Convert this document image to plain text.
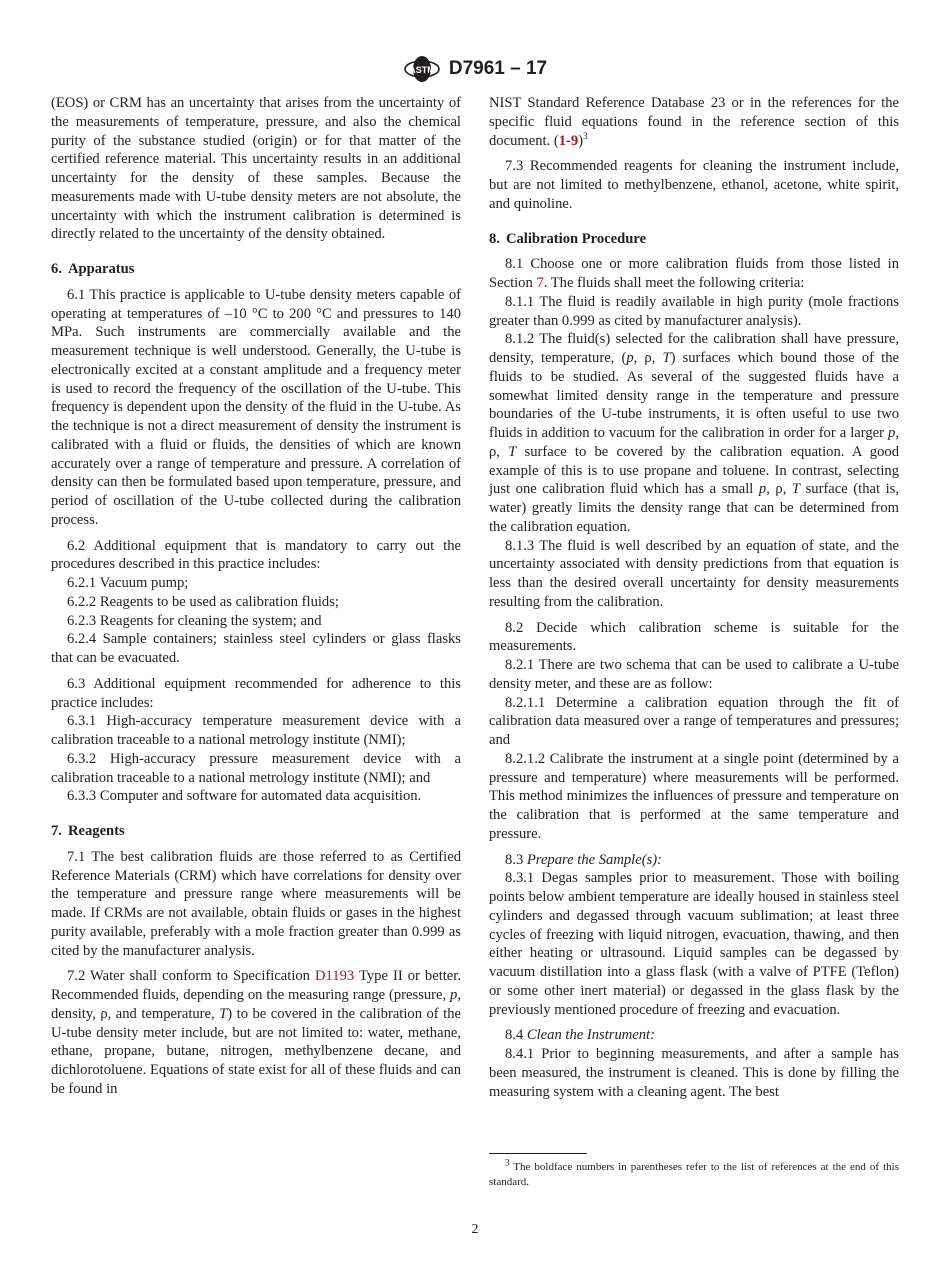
ASTM D7961 – 17

(EOS) or CRM has an uncertainty that arises from the uncertainty of the measurements of temperature, pressure, and also the chemical purity of the substance studied (origin) or for that matter of the certified reference material. This uncertainty results in an additional uncertainty for the density of these samples. Because the measurements made with U-tube density meters are not absolute, the uncertainty with which the instrument calibration is determined is directly related to the uncertainty of the density obtained.

6. Apparatus

6.1 This practice is applicable to U-tube density meters capable of operating at temperatures of –10 °C to 200 °C and pressures to 140 MPa. Such instruments are commercially available and the measurement technique is well understood. Generally, the U-tube is electronically excited at a constant amplitude and a frequency meter is used to record the frequency of the oscillation of the U-tube. This frequency is dependent upon the density of the fluid in the U-tube. As the technique is not a direct measurement of density the instrument is calibrated with a fluid or fluids, the densities of which are known accurately over a range of temperature and pressure. A correlation of density can then be formulated based upon temperature, pressure, and period of oscillation of the U-tube collected during the calibration process.

6.2 Additional equipment that is mandatory to carry out the procedures described in this practice includes:

6.2.1 Vacuum pump;

6.2.2 Reagents to be used as calibration fluids;

6.2.3 Reagents for cleaning the system; and

6.2.4 Sample containers; stainless steel cylinders or glass flasks that can be evacuated.

6.3 Additional equipment recommended for adherence to this practice includes:

6.3.1 High-accuracy temperature measurement device with a calibration traceable to a national metrology institute (NMI);

6.3.2 High-accuracy pressure measurement device with a calibration traceable to a national metrology institute (NMI); and

6.3.3 Computer and software for automated data acquisition.

7. Reagents

7.1 The best calibration fluids are those referred to as Certified Reference Materials (CRM) which have correlations for density over the temperature and pressure range where measurements will be made. If CRMs are not available, obtain fluids or gases in the highest purity available, preferably with a mole fraction greater than 0.999 as cited by the manufacturer analysis.

7.2 Water shall conform to Specification D1193 Type II or better. Recommended fluids, depending on the measuring range (pressure, p, density, ρ, and temperature, T) to be covered in the calibration of the U-tube density meter include, but are not limited to: water, methane, ethane, propane, butane, nitrogen, methylbenzene decane, and dichlorotoluene. Equations of state exist for all of these fluids and can be found in

NIST Standard Reference Database 23 or in the references for the specific fluid equations found in the reference section of this document. $(1-9)^3$

7.3 Recommended reagents for cleaning the instrument include, but are not limited to methylbenzene, ethanol, acetone, white spirit, and quinoline.

8. Calibration Procedure

8.1 Choose one or more calibration fluids from those listed in Section 7. The fluids shall meet the following criteria:

8.1.1 The fluid is readily available in high purity (mole fractions greater than 0.999 as cited by manufacturer analysis).

8.1.2 The fluid(s) selected for the calibration shall have pressure, density, temperature, (p, ρ, T) surfaces which bound those of the fluids to be studied. As several of the suggested fluids have a somewhat limited density range in the temperature and pressure boundaries of the U-tube instruments, it is often useful to use two fluids in addition to vacuum for the calibration in order for a larger p, ρ, T surface to be covered by the calibration equation. A good example of this is to use propane and toluene. In contrast, selecting just one calibration fluid which has a small p, ρ, T surface (that is, water) greatly limits the density range that can be determined from the calibration equation.

8.1.3 The fluid is well described by an equation of state, and the uncertainty associated with density predictions from that equation is less than the desired overall uncertainty for density measurements resulting from the calibration.

8.2 Decide which calibration scheme is suitable for the measurements.

8.2.1 There are two schema that can be used to calibrate a U-tube density meter, and these are as follow:

8.2.1.1 Determine a calibration equation through the fit of calibration data measured over a range of temperatures and pressures; and

8.2.1.2 Calibrate the instrument at a single point (determined by a pressure and temperature) where measurements will be performed. This method minimizes the influences of pressure and temperature on the calibration that is performed at the same temperature and pressure.

8.3 Prepare the Sample(s):

8.3.1 Degas samples prior to measurement. Those with boiling points below ambient temperature are ideally housed in stainless steel cylinders and degassed through vacuum sublimation; at least three cycles of freezing with liquid nitrogen, evacuation, thawing, and then either heating or ultrasound. Liquid samples can be degassed by vacuum distillation into a glass flask (with a valve of PTFE (Teflon) or some other inert material) or degassed in the glass flask by the previously mentioned procedure of freezing and evacuation.

8.4 Clean the Instrument:

8.4.1 Prior to beginning measurements, and after a sample has been measured, the instrument is cleaned. This is done by filling the measuring system with a cleaning agent. The best

$^3$ The boldface numbers in parentheses refer to the list of references at the end of this standard.

2
